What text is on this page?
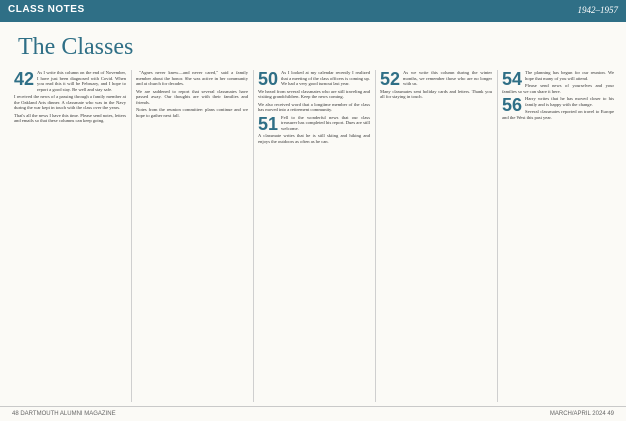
CLASS NOTES	1942–1957
The Classes
42 As I write this column on the end of November, I have just been diagnosed with Covid. When you read this it will be February, and I hope to report a good stay. Be well and stay safe.

I received the news of a passing through a family member at the Oakland Arts dinner. A classmate who was in the Navy during the war kept in touch with the class over the years.

That's all the news I have this time. Please send notes, letters and emails so that these columns can keep going.

"Agnes never knew—and never cared," said a family member about the honor. She was active in her community and at church for decades.

We are saddened to report that several classmates have passed away. Our thoughts are with their families and friends.

Notes from the reunion committee: plans continue and we hope to gather next fall.

50 As I looked at my calendar recently I realized that a meeting of the class officers is coming up. We had a very good turnout last year.

We heard from several classmates who are still traveling and visiting grandchildren. Keep the news coming.

We also received word that a longtime member of the class has moved into a retirement community.

51 Fell to the wonderful news that our class treasurer has completed his report. Dues are still welcome.

A classmate writes that he is still skiing and hiking and enjoys the outdoors as often as he can.

52 As we write this column during the winter months, we remember those who are no longer with us.

Many classmates sent holiday cards and letters. Thank you all for staying in touch.

54 The planning has begun for our reunion. We hope that many of you will attend.

Please send news of yourselves and your families so we can share it here.

56 Harry writes that he has moved closer to his family and is happy with the change.

Several classmates reported on travel to Europe and the West this past year.

48 DARTMOUTH ALUMNI MAGAZINE	MARCH/APRIL 2024 49
